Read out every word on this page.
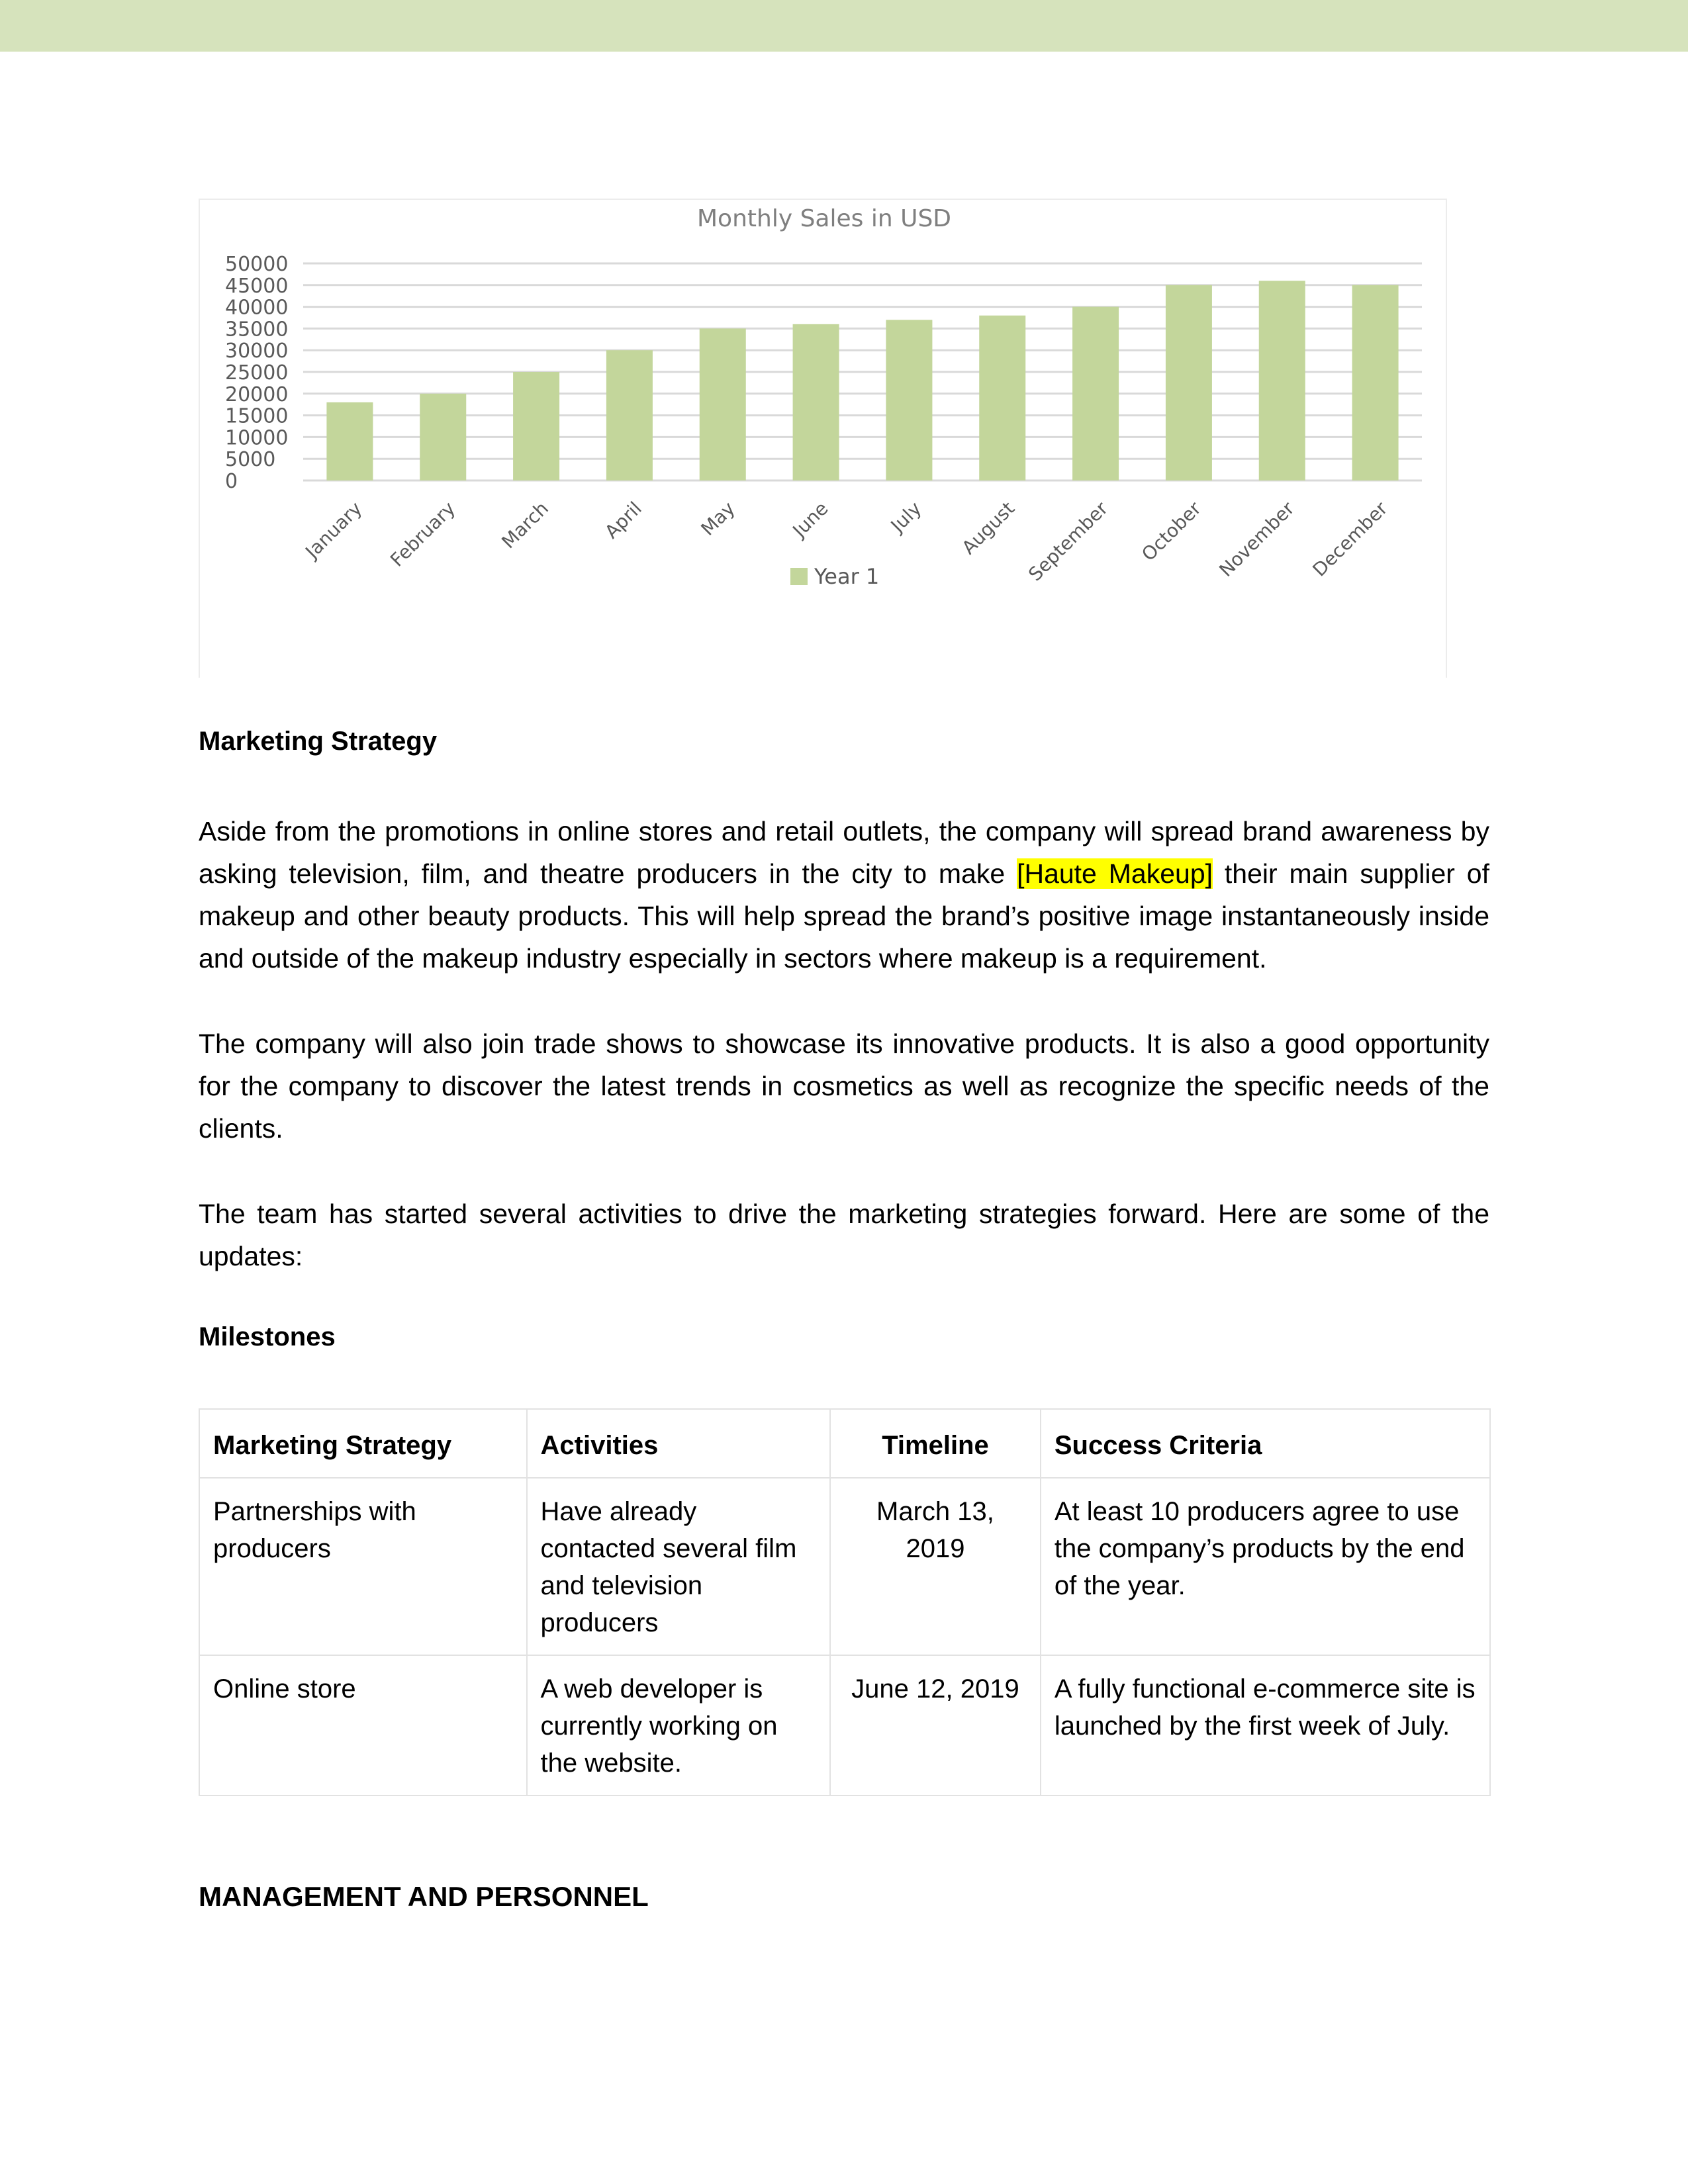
Monthly Sales in USD
0
5000
10000
15000
20000
25000
30000
35000
40000
45000
50000
January February March	April	May	June	July August September October November December
Year 1
Marketing Strategy

Aside from the promotions in online stores and retail outlets, the company will spread brand awareness by asking television, film, and theatre producers in the city to make [Haute Makeup] their main supplier of makeup and other beauty products. This will help spread the brand’s positive image instantaneously inside and outside of the makeup industry especially in sectors where makeup is a requirement.

The company will also join trade shows to showcase its innovative products. It is also a good opportunity for the company to discover the latest trends in cosmetics as well as recognize the specific needs of the clients.

The team has started several activities to drive the marketing strategies forward. Here are some of the updates:

Milestones
Marketing Strategy	Activities	Timeline	Success Criteria
Partnerships with producers	Have already contacted several film and television producers	March 13, 2019	At least 10 producers agree to use the company’s products by the end of the year.
Online store	A web developer is currently working on the website.	June 12, 2019	A fully functional e-commerce site is launched by the first week of July.
MANAGEMENT AND PERSONNEL
